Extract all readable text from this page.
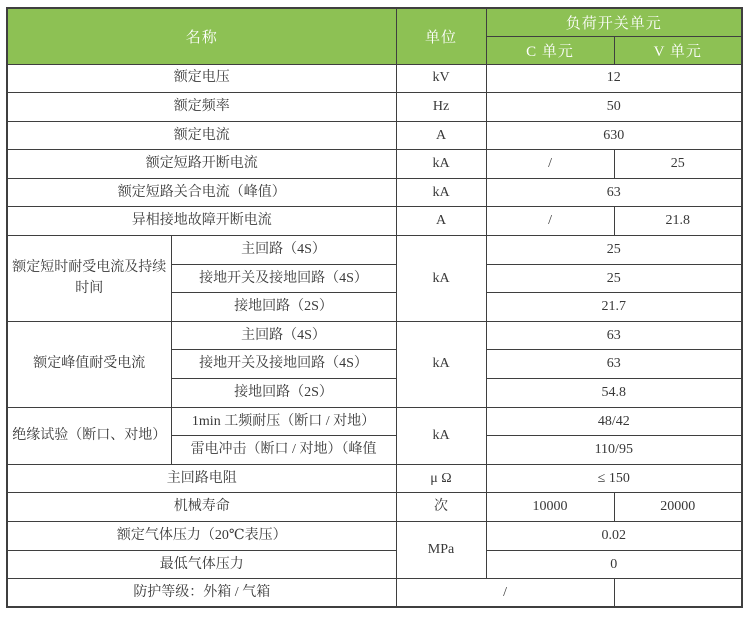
名称		单位	负荷开关单元	
			C 单元	V 单元
额定电压		kV	12	
额定频率		Hz	50	
额定电流		A	630	
额定短路开断电流		kA	/	25
额定短路关合电流（峰值）		kA	63	
异相接地故障开断电流		A	/	21.8
额定短时耐受电流及持续时间	主回路（4S）	kA	25	
	接地开关及接地回路（4S）		25	
	接地回路（2S）		21.7	
额定峰值耐受电流	主回路（4S）	kA	63	
	接地开关及接地回路（4S）		63	
	接地回路（2S）		54.8	
绝缘试验（断口、对地）	1min 工频耐压（断口 / 对地）	kA	48/42	
	雷电冲击（断口 / 对地）（峰值		110/95	
主回路电阻		μ Ω	≤ 150	
机械寿命		次	10000	20000
额定气体压力（20℃表压）		MPa	0.02	
最低气体压力			0	
防护等级：外箱 / 气箱		/		
